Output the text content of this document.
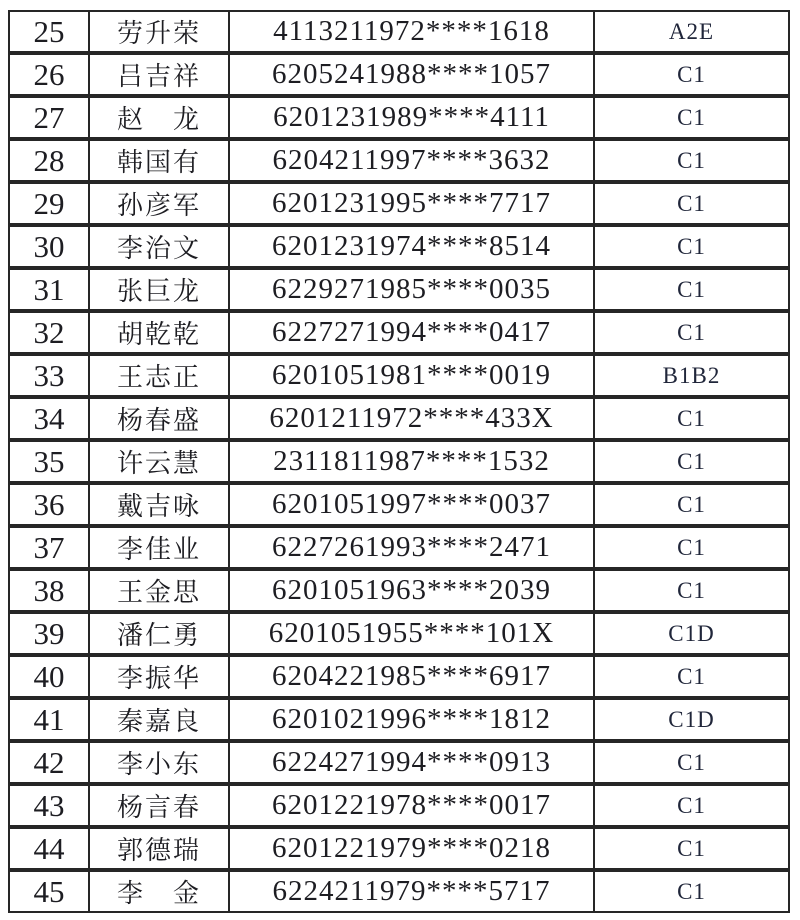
25	劳升荣	4113211972****1618	A2E
26	吕吉祥	6205241988****1057	C1
27	赵　龙	6201231989****4111	C1
28	韩国有	6204211997****3632	C1
29	孙彦军	6201231995****7717	C1
30	李治文	6201231974****8514	C1
31	张巨龙	6229271985****0035	C1
32	胡乾乾	6227271994****0417	C1
33	王志正	6201051981****0019	B1B2
34	杨春盛	6201211972****433X	C1
35	许云慧	2311811987****1532	C1
36	戴吉咏	6201051997****0037	C1
37	李佳业	6227261993****2471	C1
38	王金思	6201051963****2039	C1
39	潘仁勇	6201051955****101X	C1D
40	李振华	6204221985****6917	C1
41	秦嘉良	6201021996****1812	C1D
42	李小东	6224271994****0913	C1
43	杨言春	6201221978****0017	C1
44	郭德瑞	6201221979****0218	C1
45	李　金	6224211979****5717	C1
